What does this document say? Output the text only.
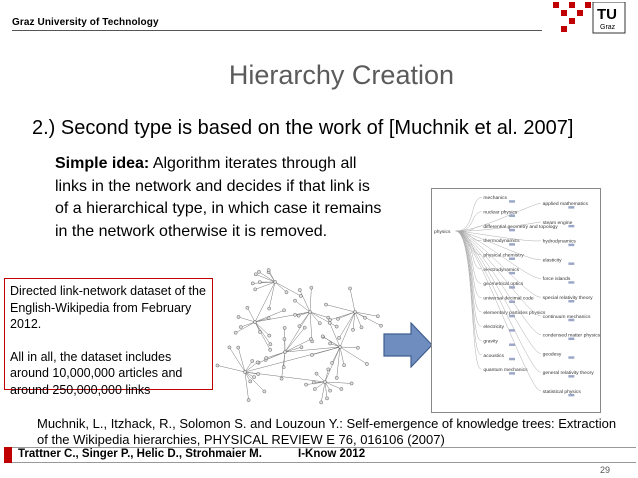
Graz University of Technology	TU
Graz
Hierarchy Creation
2.) Second type is based on the work of [Muchnik et al. 2007]
Simple idea: Algorithm iterates through all links in the network and decides if that link is of a hierarchical type, in which case it remains in the network otherwise it is removed.

Directed link-network dataset of the English-Wikipedia from February 2012.

All in all, the dataset includes around 10,000,000 articles and around 250,000,000 links

mechanics
applied mathematics
nuclear physics
physics
differential geometry and topology
steam engine
thermodynamics	hydrodynamics
physical chemistry
elasticity
electrodynamics
force islands
geometrical optics
universal decimal code
elementary particles physics
special relativity theory
electricity
continuum mechanics
gravity
condensed matter physics
acoustics	geodesy
quantum mechanics
general relativity theory
statistical physics
Muchnik, L., Itzhack, R., Solomon S. and Louzoun Y.: Self-emergence of knowledge trees: Extraction of the Wikipedia hierarchies, PHYSICAL REVIEW E 76, 016106 (2007)
Trattner C., Singer P., Helic D., Strohmaier M.	I-Know 2012
29
